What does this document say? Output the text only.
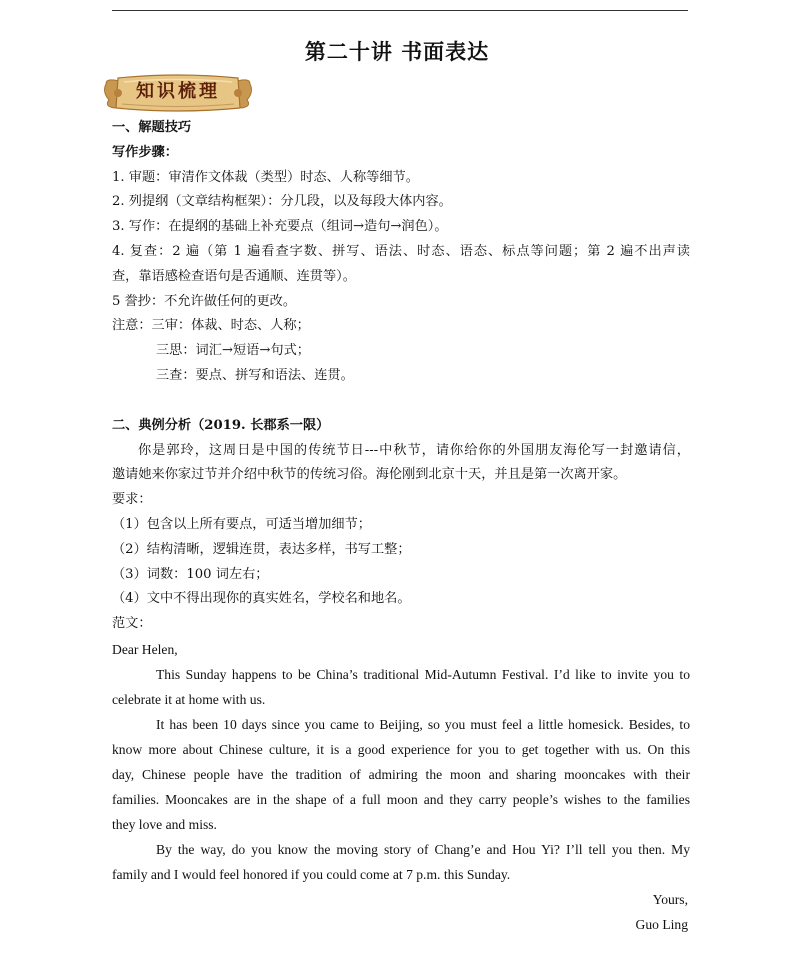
第二十讲 书面表达
知识梳理
一、解题技巧
写作步骤：
1. 审题：审清作文体裁（类型）时态、人称等细节。
2. 列提纲（文章结构框架）：分几段，以及每段大体内容。
3. 写作：在提纲的基础上补充要点（组词→造句→润色）。
4. 复查：2 遍（第 1 遍看查字数、拼写、语法、时态、语态、标点等问题；第 2 遍不出声读
查，靠语感检查语句是否通顺、连贯等）。
5 誊抄：不允许做任何的更改。
注意：三审：体裁、时态、人称；
三思：词汇→短语→句式；
三查：要点、拼写和语法、连贯。
二、典例分析（2019. 长郡系一限）
你是郭玲，这周日是中国的传统节日---中秋节，请你给你的外国朋友海伦写一封邀请信，
邀请她来你家过节并介绍中秋节的传统习俗。海伦刚到北京十天，并且是第一次离开家。
要求：
（1）包含以上所有要点，可适当增加细节；
（2）结构清晰，逻辑连贯，表达多样，书写工整；
（3）词数：100 词左右；
（4）文中不得出现你的真实姓名，学校名和地名。
范文：
Dear Helen,
This Sunday happens to be China’s traditional Mid-Autumn Festival. I’d like to invite you to
celebrate it at home with us.
It has been 10 days since you came to Beijing, so you must feel a little homesick. Besides, to
know more about Chinese culture, it is a good experience for you to get together with us. On this
day, Chinese people have the tradition of admiring the moon and sharing mooncakes with their
families. Mooncakes are in the shape of a full moon and they carry people’s wishes to the families
they love and miss.
By the way, do you know the moving story of Chang’e and Hou Yi? I’ll tell you then. My
family and I would feel honored if you could come at 7 p.m. this Sunday.
Yours,
Guo Ling
